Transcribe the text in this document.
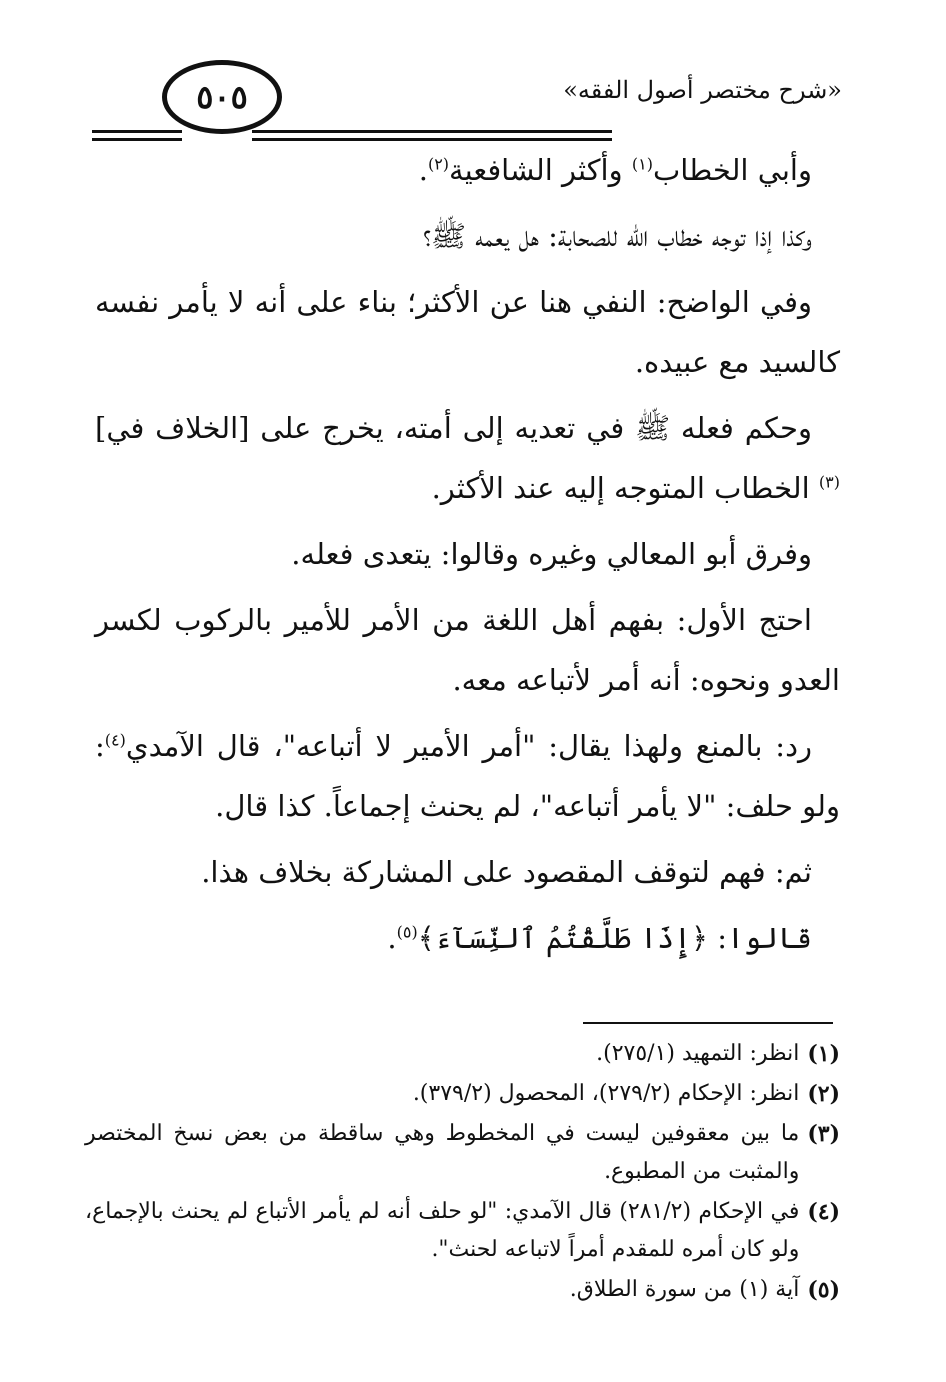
٥٠٥	«شرح مختصر أصول الفقه»

وأبي الخطاب$^{(١)}$ وأكثر الشافعية$^{(٢)}$.

وكذا إذا توجه خطاب الله للصحابة: هل يعمه ﷺ؟

وفي الواضح: النفي هنا عن الأكثر؛ بناء على أنه لا يأمر نفسه كالسيد مع عبيده.

وحكم فعله ﷺ في تعديه إلى أمته، يخرج على [الخلاف في]$^{(٣)}$ الخطاب المتوجه إليه عند الأكثر.

وفرق أبو المعالي وغيره وقالوا: يتعدى فعله.

احتج الأول: بفهم أهل اللغة من الأمر للأمير بالركوب لكسر العدو ونحوه: أنه أمر لأتباعه معه.

رد: بالمنع ولهذا يقال: "أمر الأمير لا أتباعه"، قال الآمدي$^{(٤)}$: ولو حلف: "لا يأمر أتباعه"، لم يحنث إجماعاً. كذا قال.

ثم: فهم لتوقف المقصود على المشاركة بخلاف هذا.

قالوا: ﴿إِذَا طَلَّقْتُمُ ٱلنِّسَآءَ﴾$^{(٥)}$.

(١)
انظر: التمهيد (٢٧٥/١).
(٢)
انظر: الإحكام (٢٧٩/٢)، المحصول (٣٧٩/٢).
(٣)
ما بين معقوفين ليست في المخطوط وهي ساقطة من بعض نسخ المختصر والمثبت من المطبوع.
(٤)
في الإحكام (٢٨١/٢) قال الآمدي: "لو حلف أنه لم يأمر الأتباع لم يحنث بالإجماع، ولو كان أمره للمقدم أمراً لاتباعه لحنث".
(٥)
آية (١) من سورة الطلاق.
